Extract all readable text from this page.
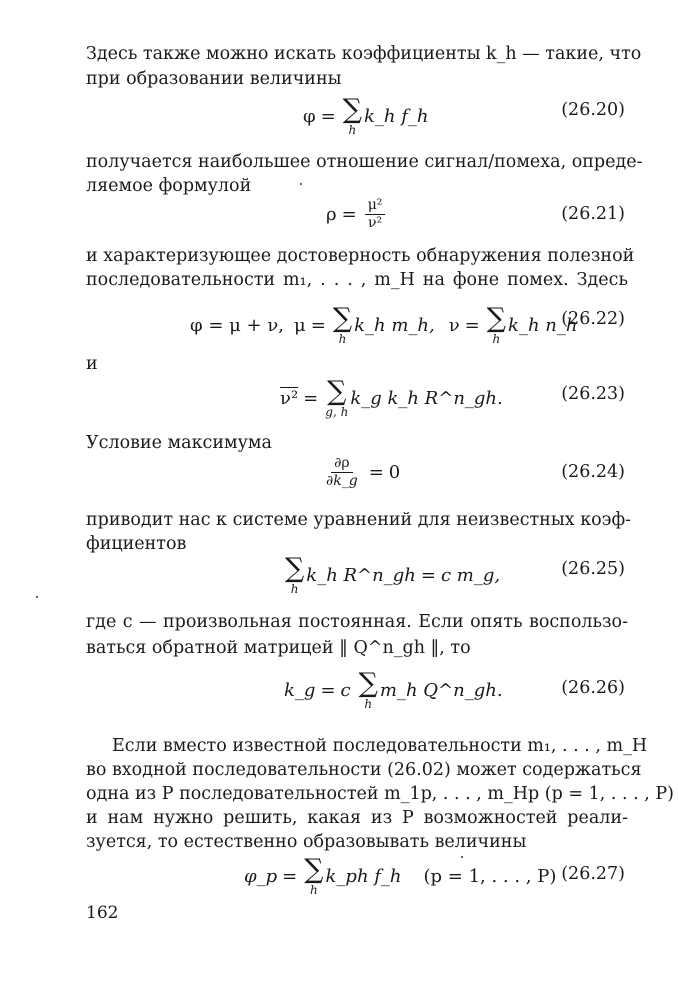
Здесь также можно искать коэффициенты k_h — такие, что
при образовании величины
φ = ∑
h
k_h f_h	(26.20)
получается наибольшее отношение сигнал/помеха, опреде-
ляемое формулой
$\rho = \frac{\text{μ²}}{\text{ν²}}$	(26.21)
и характеризующее достоверность обнаружения полезной
последовательности m₁, . . . , m_H на фоне помех. Здесь
φ = μ + ν, μ = ∑
h
k_h m_h, ν = ∑
h
k_h n_h
(26.22)
и
ν² = ∑
g, h
k_g k_h R^n_gh.	(26.23)
Условие максимума
$\frac{\partial\rho}{\partial k\_g} = 0$	(26.24)
приводит нас к системе уравнений для неизвестных коэф-
фициентов
∑
h
k_h R^n_gh = c m_g,	(26.25)
где c — произвольная постоянная. Если опять воспользо-
ваться обратной матрицей ‖ Q^n_gh ‖, то
k_g = c ∑
h
m_h Q^n_gh.	(26.26)
Если вместо известной последовательности m₁, . . . , m_H
во входной последовательности (26.02) может содержаться
одна из P последовательностей m_1p, . . . , m_Hp (p = 1, . . . , P)
и нам нужно решить, какая из P возможностей реали-
зуется, то естественно образовывать величины
φ_p = ∑
h
k_ph f_h (p = 1, . . . , P) (26.27)
162
